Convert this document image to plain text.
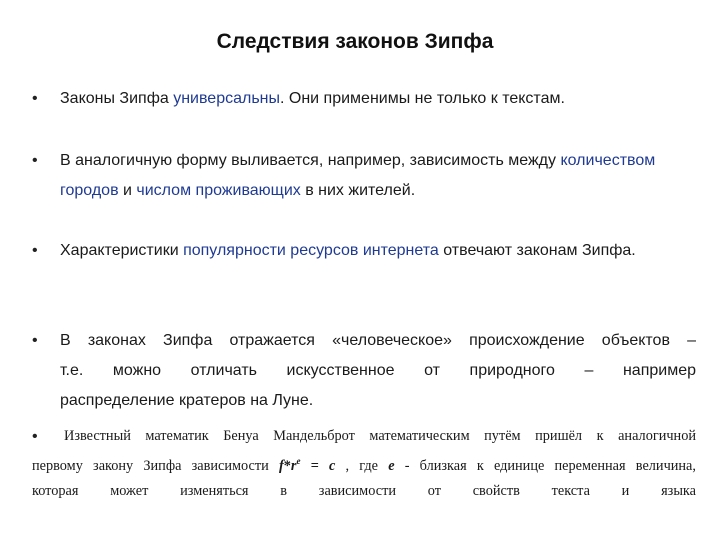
Следствия законов Зипфа
• Законы Зипфа универсальны. Они применимы не только к текстам.
• В аналогичную форму выливается, например, зависимость между количеством городов и числом проживающих в них жителей.
• Характеристики популярности ресурсов интернета отвечают законам Зипфа.
• В законах Зипфа отражается «человеческое» происхождение объектов –
т.е. можно отличать искусственное от природного – например
распределение кратеров на Луне.
• Известный математик Бенуа Мандельброт математическим путём пришёл к аналогичной
первому закону Зипфа зависимости $f*r^e = c$ , где e - близкая к единице переменная величина,
которая может изменяться в зависимости от свойств текста и языка
